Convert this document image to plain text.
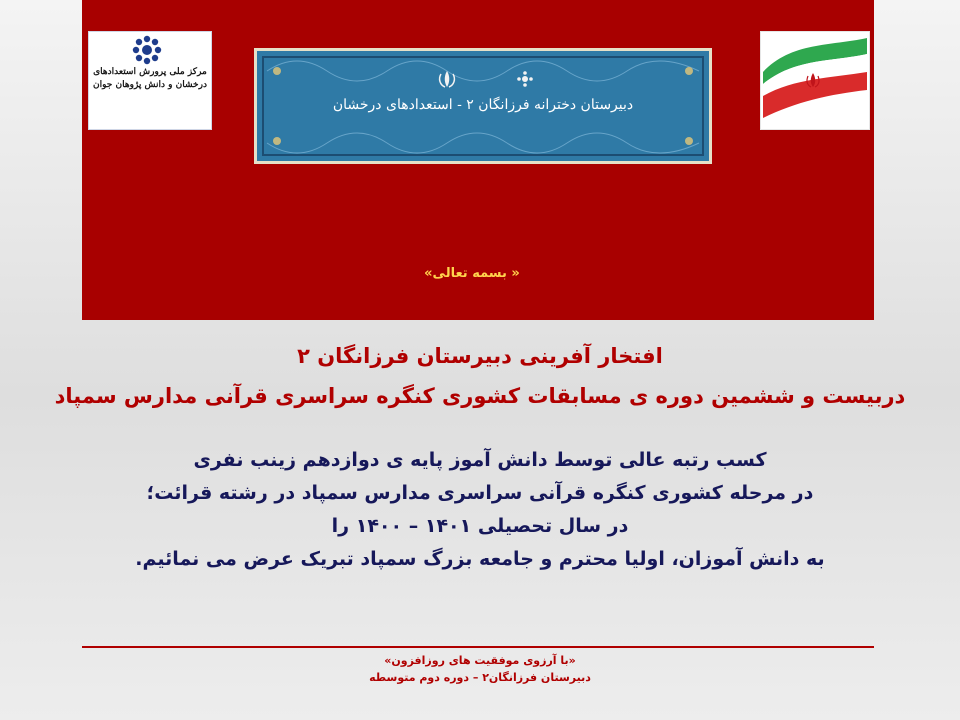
مرکز ملی پرورش استعدادهای درخشان و دانش پژوهان جوان
دبیرستان دخترانه فرزانگان ۲ - استعدادهای درخشان
« بسمه تعالی»
افتخار آفرینی دبیرستان فرزانگان ۲
دربیست و ششمین دوره ی مسابقات کشوری کنگره سراسری قرآنی مدارس سمپاد
کسب رتبه عالی توسط دانش آموز پایه ی دوازدهم زینب نفری
در مرحله کشوری کنگره قرآنی سراسری مدارس سمپاد در رشته قرائت؛
در سال تحصیلی ۱۴۰۱ – ۱۴۰۰ را
به دانش آموزان، اولیا محترم و جامعه بزرگ سمپاد تبریک عرض می نمائیم.
«با آرزوی موفقیت های روزافزون»
دبیرستان فرزانگان۲ – دوره دوم متوسطه
